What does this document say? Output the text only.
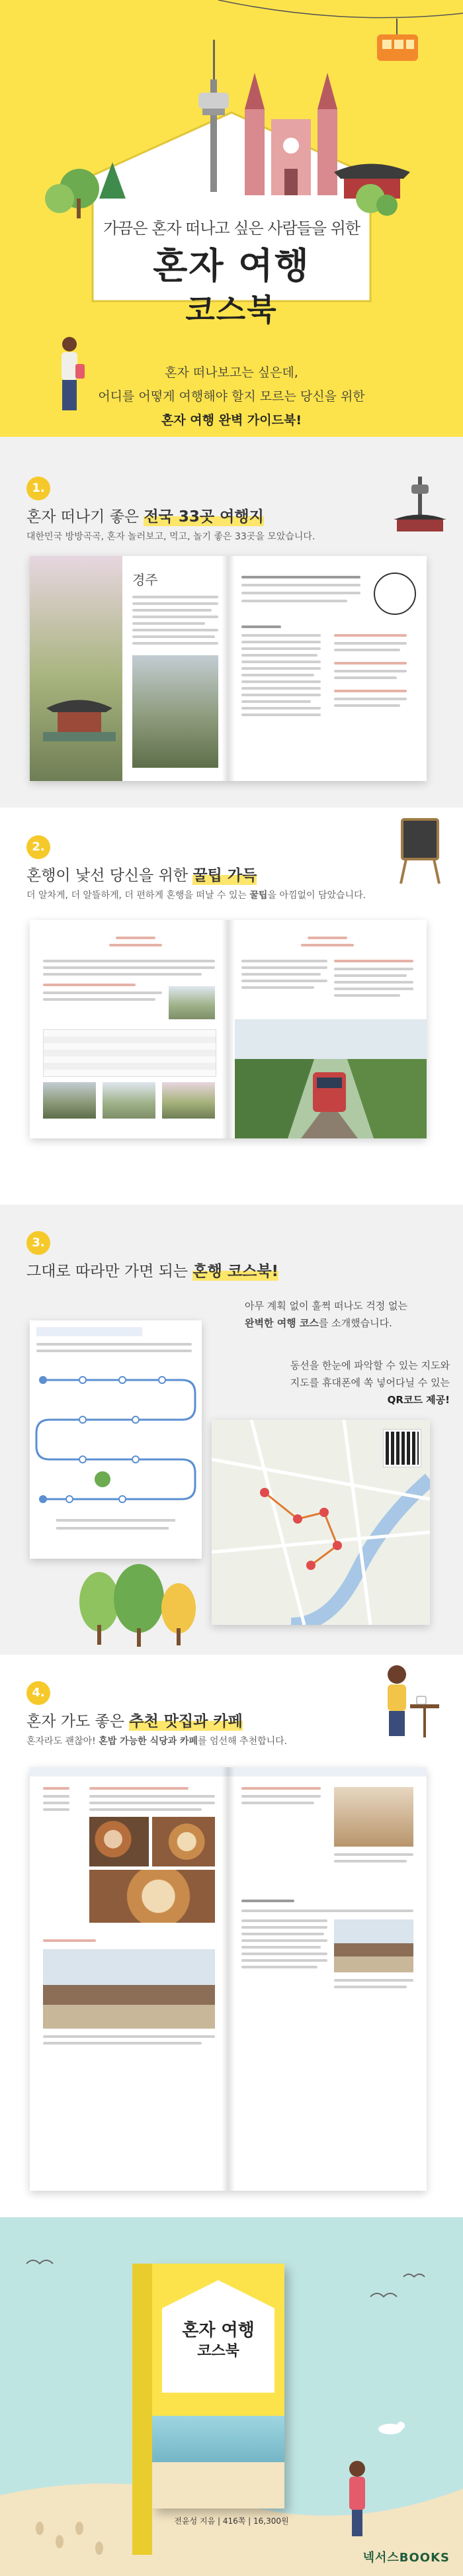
가끔은 혼자 떠나고 싶은 사람들을 위한
혼자 여행
코스북
혼자 떠나보고는 싶은데,
어디를 어떻게 여행해야 할지 모르는 당신을 위한
혼자 여행 완벽 가이드북!
1.
혼자 떠나기 좋은 전국 33곳 여행지
대한민국 방방곡곡, 혼자 놀러보고, 먹고, 놀기 좋은 33곳을 모았습니다.
경주
2.
혼행이 낯선 당신을 위한 꿀팁 가득
더 알차게, 더 알뜰하게, 더 편하게 혼행을 떠날 수 있는 꿀팁을 아낌없이 담았습니다.
3.
그대로 따라만 가면 되는 혼행 코스북!
아무 계획 없이 훌쩍 떠나도 걱정 없는
완벽한 여행 코스를 소개했습니다.
동선을 한눈에 파악할 수 있는 지도와
지도를 휴대폰에 쏙 넣어다닐 수 있는
QR코드 제공!
4.
혼자 가도 좋은 추천 맛집과 카페
혼자라도 괜찮아! 혼밥 가능한 식당과 카페를 엄선해 추천합니다.
혼자 여행
코스북
전윤성 지음 | 416쪽 | 16,300원
넥서스BOOKS
